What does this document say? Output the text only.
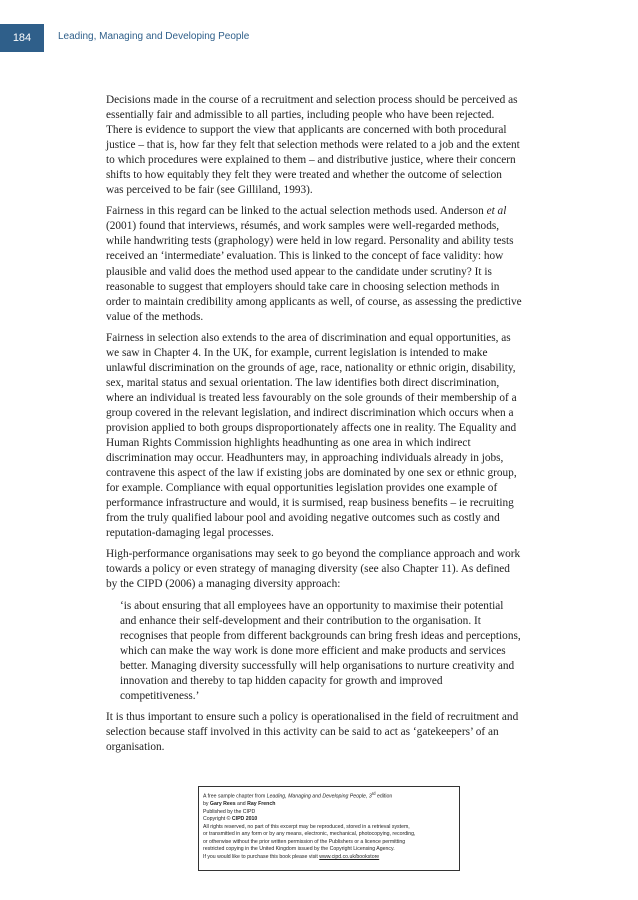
184	Leading, Managing and Developing People

Decisions made in the course of a recruitment and selection process should be perceived as essentially fair and admissible to all parties, including people who have been rejected. There is evidence to support the view that applicants are concerned with both procedural justice – that is, how far they felt that selection methods were related to a job and the extent to which procedures were explained to them – and distributive justice, where their concern shifts to how equitably they felt they were treated and whether the outcome of selection was perceived to be fair (see Gilliland, 1993).

Fairness in this regard can be linked to the actual selection methods used. Anderson et al (2001) found that interviews, résumés, and work samples were well-regarded methods, while handwriting tests (graphology) were held in low regard. Personality and ability tests received an ‘intermediate’ evaluation. This is linked to the concept of face validity: how plausible and valid does the method used appear to the candidate under scrutiny? It is reasonable to suggest that employers should take care in choosing selection methods in order to maintain credibility among applicants as well, of course, as assessing the predictive value of the methods.

Fairness in selection also extends to the area of discrimination and equal opportunities, as we saw in Chapter 4. In the UK, for example, current legislation is intended to make unlawful discrimination on the grounds of age, race, nationality or ethnic origin, disability, sex, marital status and sexual orientation. The law identifies both direct discrimination, where an individual is treated less favourably on the sole grounds of their membership of a group covered in the relevant legislation, and indirect discrimination which occurs when a provision applied to both groups disproportionately affects one in reality. The Equality and Human Rights Commission highlights headhunting as one area in which indirect discrimination may occur. Headhunters may, in approaching individuals already in jobs, contravene this aspect of the law if existing jobs are dominated by one sex or ethnic group, for example. Compliance with equal opportunities legislation provides one example of performance infrastructure and would, it is surmised, reap business benefits – ie recruiting from the truly qualified labour pool and avoiding negative outcomes such as costly and reputation-damaging legal processes.

High-performance organisations may seek to go beyond the compliance approach and work towards a policy or even strategy of managing diversity (see also Chapter 11). As defined by the CIPD (2006) a managing diversity approach:

‘is about ensuring that all employees have an opportunity to maximise their potential and enhance their self-development and their contribution to the organisation. It recognises that people from different backgrounds can bring fresh ideas and perceptions, which can make the way work is done more efficient and make products and services better. Managing diversity successfully will help organisations to nurture creativity and innovation and thereby to tap hidden capacity for growth and improved competitiveness.’

It is thus important to ensure such a policy is operationalised in the field of recruitment and selection because staff involved in this activity can be said to act as ‘gatekeepers’ of an organisation.

A free sample chapter from Leading, Managing and Developing People, 3rd edition
by Gary Rees and Ray French
Published by the CIPD
Copyright © CIPD 2010
All rights reserved, no part of this excerpt may be reproduced, stored in a retrieval system,
or transmitted in any form or by any means, electronic, mechanical, photocopying, recording,
or otherwise without the prior written permission of the Publishers or a licence permitting
restricted copying in the United Kingdom issued by the Copyright Licensing Agency.
If you would like to purchase this book please visit www.cipd.co.uk/bookstore
